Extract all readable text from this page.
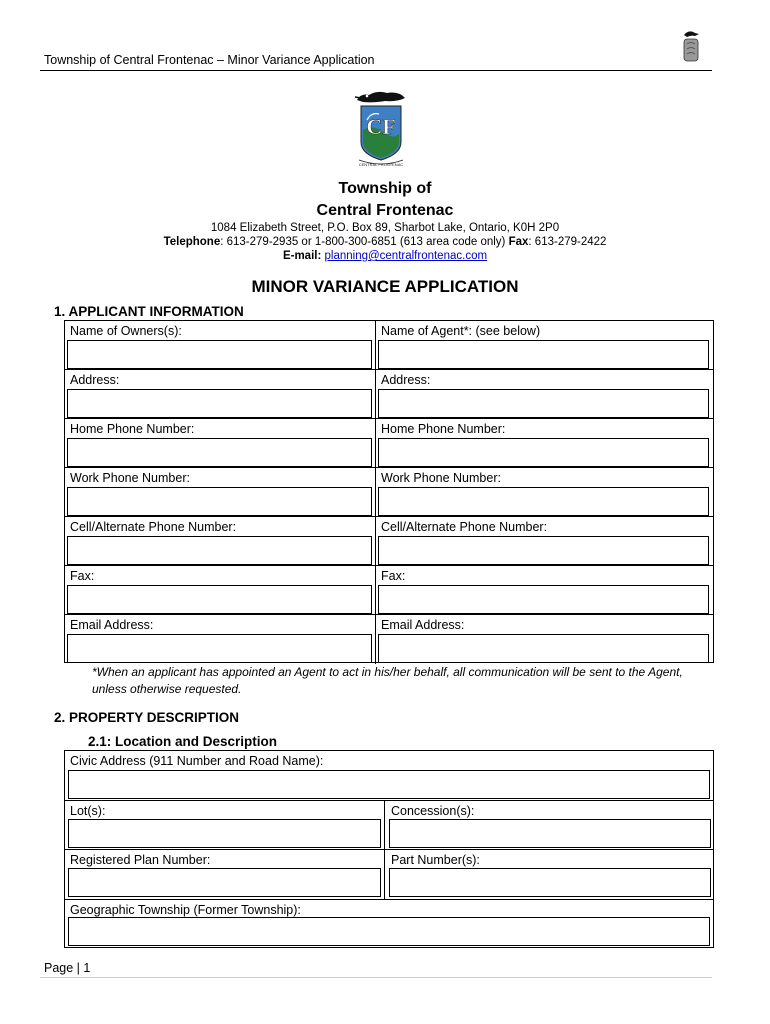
Township of Central Frontenac – Minor Variance Application
CF
CENTRAL FRONTENAC
Township of
Central Frontenac
1084 Elizabeth Street, P.O. Box 89, Sharbot Lake, Ontario, K0H 2P0
Telephone: 613-279-2935 or 1-800-300-6851 (613 area code only) Fax: 613-279-2422
E-mail: planning@centralfrontenac.com
MINOR VARIANCE APPLICATION
1. APPLICANT INFORMATION
Name of Owners(s):	Name of Agent*: (see below)
Address:	Address:
Home Phone Number:	Home Phone Number:
Work Phone Number:	Work Phone Number:
Cell/Alternate Phone Number:	Cell/Alternate Phone Number:
Fax:	Fax:
Email Address:	Email Address:
*When an applicant has appointed an Agent to act in his/her behalf, all communication will be sent to the Agent, unless otherwise requested.
2. PROPERTY DESCRIPTION
2.1: Location and Description
Civic Address (911 Number and Road Name):
Lot(s):	Concession(s):
Registered Plan Number:	Part Number(s):
Geographic Township (Former Township):
Page | 1
